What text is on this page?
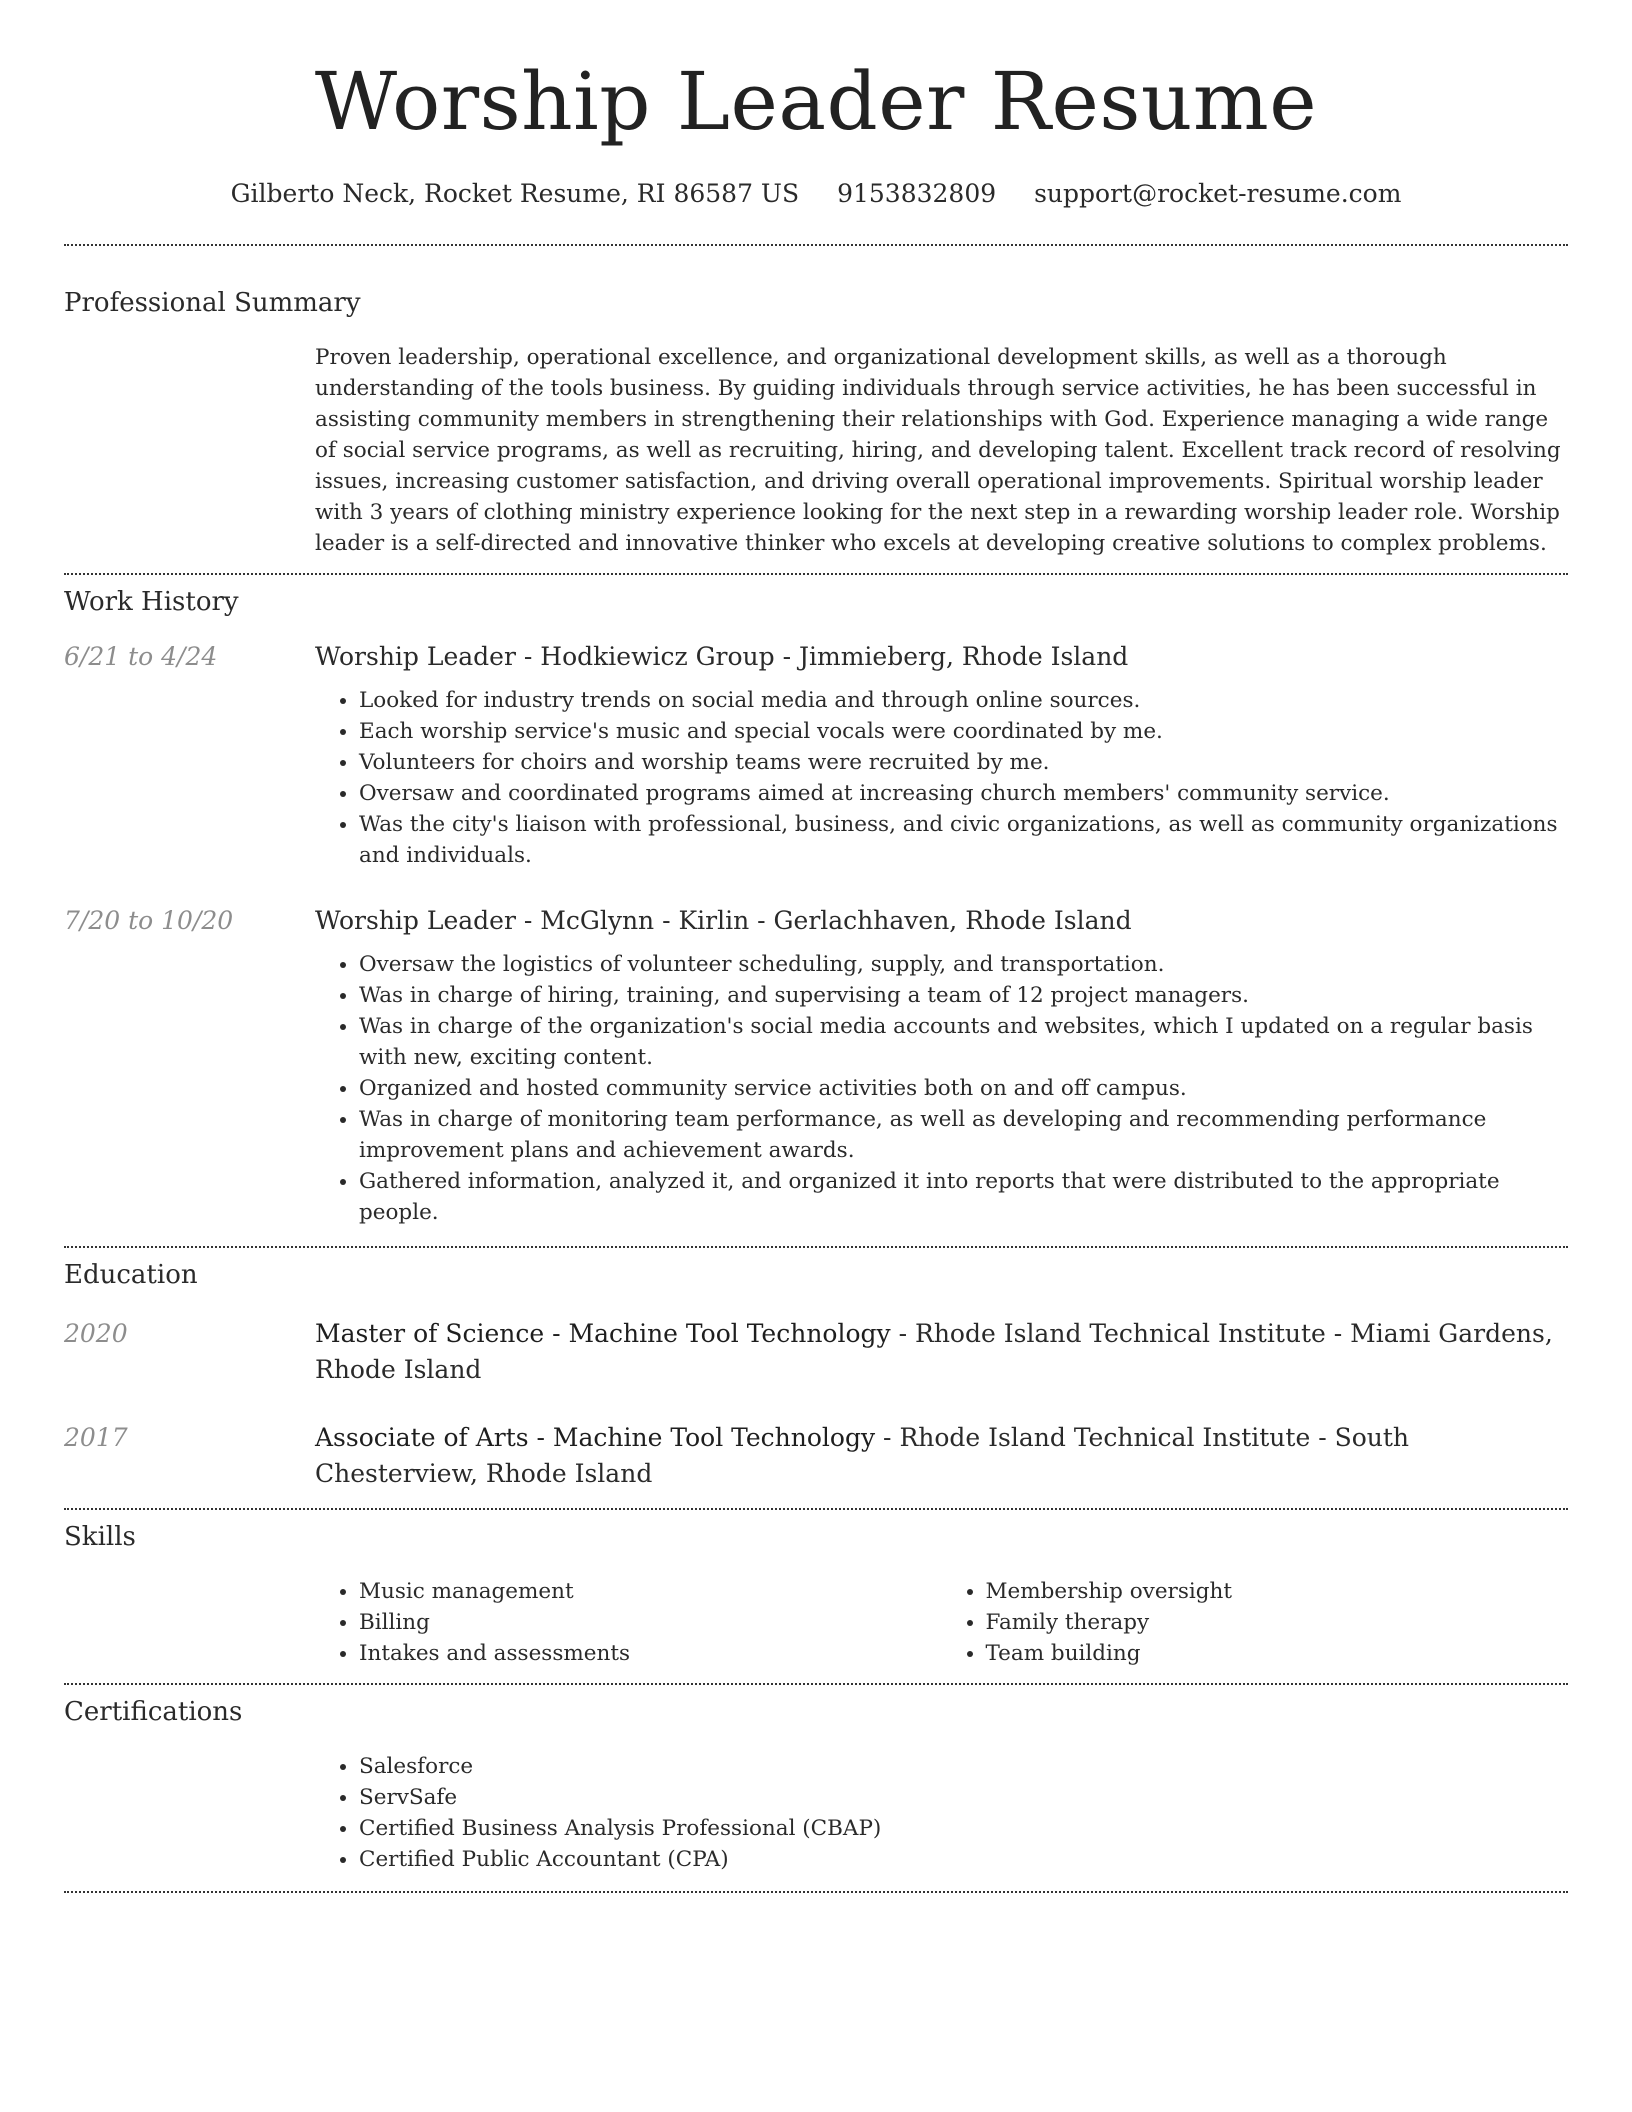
Worship Leader Resume
Gilberto Neck, Rocket Resume, RI 86587 US 9153832809 support@rocket-resume.com
Professional Summary

Proven leadership, operational excellence, and organizational development skills, as well as a thorough understanding of the tools business. By guiding individuals through service activities, he has been successful in assisting community members in strengthening their relationships with God. Experience managing a wide range of social service programs, as well as recruiting, hiring, and developing talent. Excellent track record of resolving issues, increasing customer satisfaction, and driving overall operational improvements. Spiritual worship leader with 3 years of clothing ministry experience looking for the next step in a rewarding worship leader role. Worship leader is a self-directed and innovative thinker who excels at developing creative solutions to complex problems.

Work History
6/21 to 4/24	Worship Leader - Hodkiewicz Group - Jimmieberg, Rhode Island
• Looked for industry trends on social media and through online sources.
• Each worship service's music and special vocals were coordinated by me.
• Volunteers for choirs and worship teams were recruited by me.
• Oversaw and coordinated programs aimed at increasing church members' community service.
• Was the city's liaison with professional, business, and civic organizations, as well as community organizations and individuals.
7/20 to 10/20	Worship Leader - McGlynn - Kirlin - Gerlachhaven, Rhode Island
• Oversaw the logistics of volunteer scheduling, supply, and transportation.
• Was in charge of hiring, training, and supervising a team of 12 project managers.
• Was in charge of the organization's social media accounts and websites, which I updated on a regular basis with new, exciting content.
• Organized and hosted community service activities both on and off campus.
• Was in charge of monitoring team performance, as well as developing and recommending performance improvement plans and achievement awards.
• Gathered information, analyzed it, and organized it into reports that were distributed to the appropriate people.
Education
2020	Master of Science - Machine Tool Technology - Rhode Island Technical Institute - Miami Gardens, Rhode Island
2017	Associate of Arts - Machine Tool Technology - Rhode Island Technical Institute - South Chesterview, Rhode Island
Skills
• Music management
• Billing
• Intakes and assessments
• Membership oversight
• Family therapy
• Team building
Certifications
• Salesforce
• ServSafe
• Certified Business Analysis Professional (CBAP)
• Certified Public Accountant (CPA)
